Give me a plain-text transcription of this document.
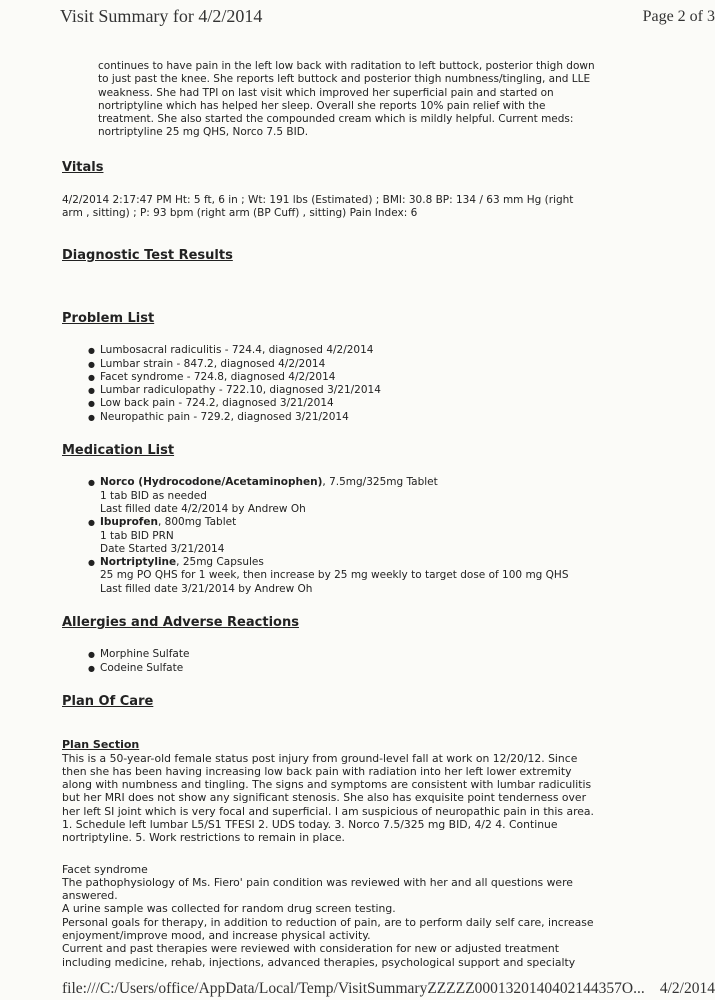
Visit Summary for 4/2/2014	Page 2 of 3

continues to have pain in the left low back with raditation to left buttock, posterior thigh down to just past the knee. She reports left buttock and posterior thigh numbness/tingling, and LLE weakness. She had TPI on last visit which improved her superficial pain and started on nortriptyline which has helped her sleep. Overall she reports 10% pain relief with the treatment. She also started the compounded cream which is mildly helpful. Current meds: nortriptyline 25 mg QHS, Norco 7.5 BID.

Vitals

4/2/2014 2:17:47 PM Ht: 5 ft, 6 in ; Wt: 191 lbs (Estimated) ; BMI: 30.8 BP: 134 / 63 mm Hg (right arm , sitting) ; P: 93 bpm (right arm (BP Cuff) , sitting) Pain Index: 6

Diagnostic Test Results
Problem List
● Lumbosacral radiculitis - 724.4, diagnosed 4/2/2014
● Lumbar strain - 847.2, diagnosed 4/2/2014
● Facet syndrome - 724.8, diagnosed 4/2/2014
● Lumbar radiculopathy - 722.10, diagnosed 3/21/2014
● Low back pain - 724.2, diagnosed 3/21/2014
● Neuropathic pain - 729.2, diagnosed 3/21/2014
Medication List
● Norco (Hydrocodone/Acetaminophen), 7.5mg/325mg Tablet
1 tab BID as needed
Last filled date 4/2/2014 by Andrew Oh
● Ibuprofen, 800mg Tablet
1 tab BID PRN
Date Started 3/21/2014
● Nortriptyline, 25mg Capsules
25 mg PO QHS for 1 week, then increase by 25 mg weekly to target dose of 100 mg QHS
Last filled date 3/21/2014 by Andrew Oh
Allergies and Adverse Reactions
● Morphine Sulfate
● Codeine Sulfate
Plan Of Care
Plan Section

This is a 50-year-old female status post injury from ground-level fall at work on 12/20/12. Since then she has been having increasing low back pain with radiation into her left lower extremity along with numbness and tingling. The signs and symptoms are consistent with lumbar radiculitis but her MRI does not show any significant stenosis. She also has exquisite point tenderness over her left SI joint which is very focal and superficial. I am suspicious of neuropathic pain in this area. 1. Schedule left lumbar L5/S1 TFESI 2. UDS today. 3. Norco 7.5/325 mg BID, 4/2 4. Continue nortriptyline. 5. Work restrictions to remain in place.

Facet syndrome
The pathophysiology of Ms. Fiero' pain condition was reviewed with her and all questions were answered.
A urine sample was collected for random drug screen testing.
Personal goals for therapy, in addition to reduction of pain, are to perform daily self care, increase enjoyment/improve mood, and increase physical activity.
Current and past therapies were reviewed with consideration for new or adjusted treatment including medicine, rehab, injections, advanced therapies, psychological support and specialty
file:///C:/Users/office/AppData/Local/Temp/VisitSummaryZZZZZ0001320140402144357O... 4/2/2014
